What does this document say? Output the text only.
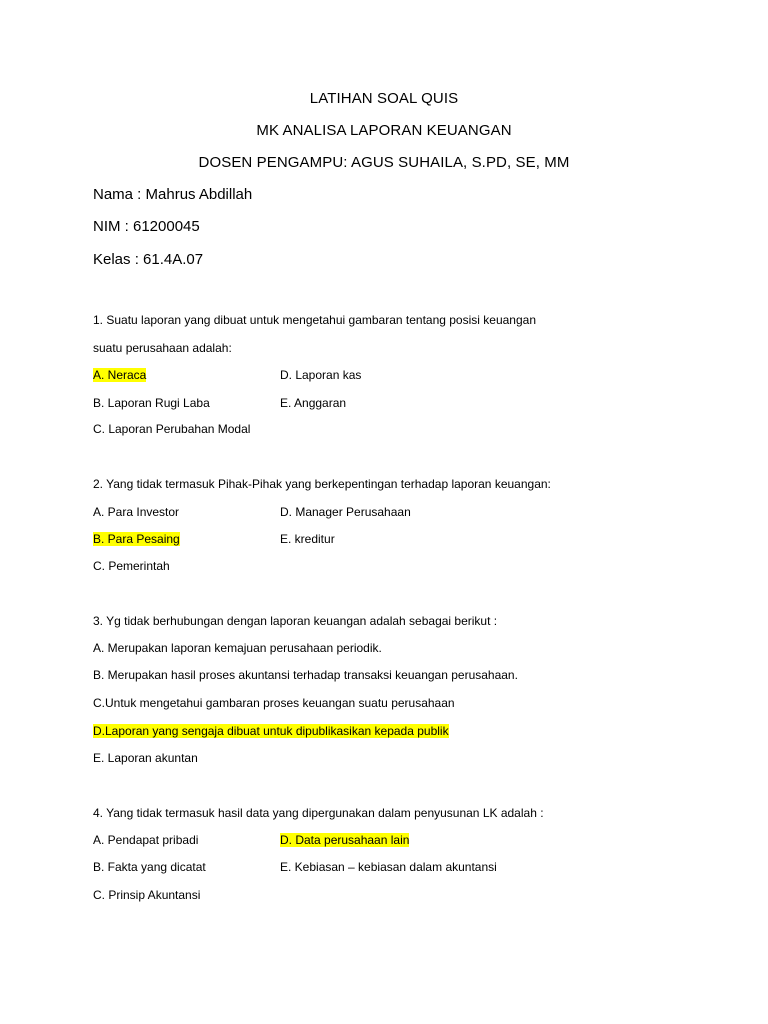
LATIHAN SOAL QUIS
MK ANALISA LAPORAN KEUANGAN
DOSEN PENGAMPU: AGUS SUHAILA, S.PD, SE, MM
Nama : Mahrus Abdillah
NIM : 61200045
Kelas : 61.4A.07
1. Suatu laporan yang dibuat untuk mengetahui gambaran tentang posisi keuangan
suatu perusahaan adalah:
A. Neraca	D. Laporan kas
B. Laporan Rugi Laba	E. Anggaran
C. Laporan Perubahan Modal
2. Yang tidak termasuk Pihak-Pihak yang berkepentingan terhadap laporan keuangan:
A. Para Investor	D. Manager Perusahaan
B. Para Pesaing	E. kreditur
C. Pemerintah
3. Yg tidak berhubungan dengan laporan keuangan adalah sebagai berikut :
A. Merupakan laporan kemajuan perusahaan periodik.
B. Merupakan hasil proses akuntansi terhadap transaksi keuangan perusahaan.
C.Untuk mengetahui gambaran proses keuangan suatu perusahaan
D.Laporan yang sengaja dibuat untuk dipublikasikan kepada publik
E. Laporan akuntan
4. Yang tidak termasuk hasil data yang dipergunakan dalam penyusunan LK adalah :
A. Pendapat pribadi	D. Data perusahaan lain
B. Fakta yang dicatat	E. Kebiasan – kebiasan dalam akuntansi
C. Prinsip Akuntansi
